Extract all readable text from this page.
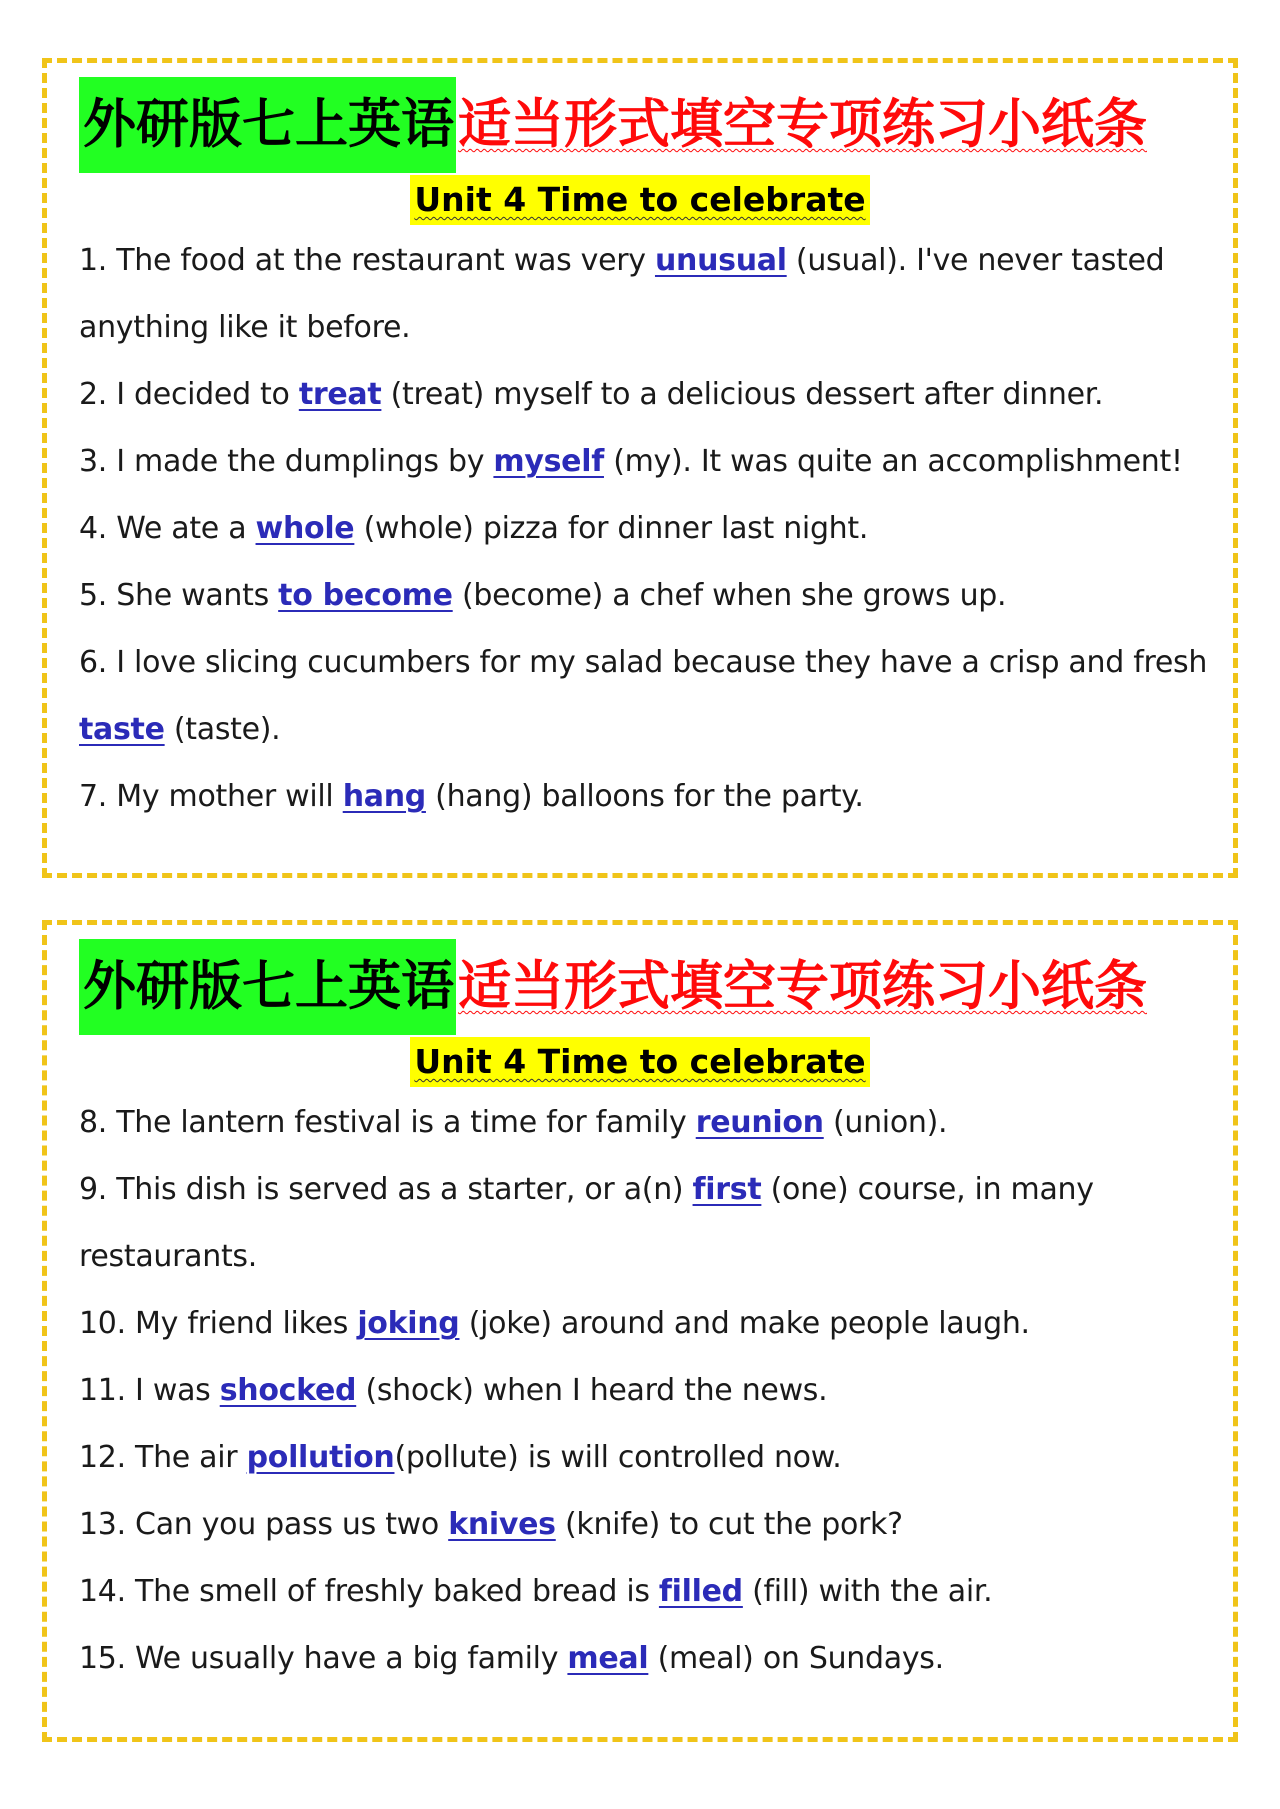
外研版七上英语 适当形式填空专项练习小纸条
Unit 4 Time to celebrate
1. The food at the restaurant was very unusual (usual). I've never tasted anything like it before.
2. I decided to treat (treat) myself to a delicious dessert after dinner.
3. I made the dumplings by myself (my). It was quite an accomplishment!
4. We ate a whole (whole) pizza for dinner last night.
5. She wants to become (become) a chef when she grows up.
6. I love slicing cucumbers for my salad because they have a crisp and fresh taste (taste).
7. My mother will hang (hang) balloons for the party.
外研版七上英语 适当形式填空专项练习小纸条
Unit 4 Time to celebrate
8. The lantern festival is a time for family reunion (union).
9. This dish is served as a starter, or a(n) first (one) course, in many restaurants.
10. My friend likes joking (joke) around and make people laugh.
11. I was shocked (shock) when I heard the news.
12. The air pollution(pollute) is will controlled now.
13. Can you pass us two knives (knife) to cut the pork?
14. The smell of freshly baked bread is filled (fill) with the air.
15. We usually have a big family meal (meal) on Sundays.
